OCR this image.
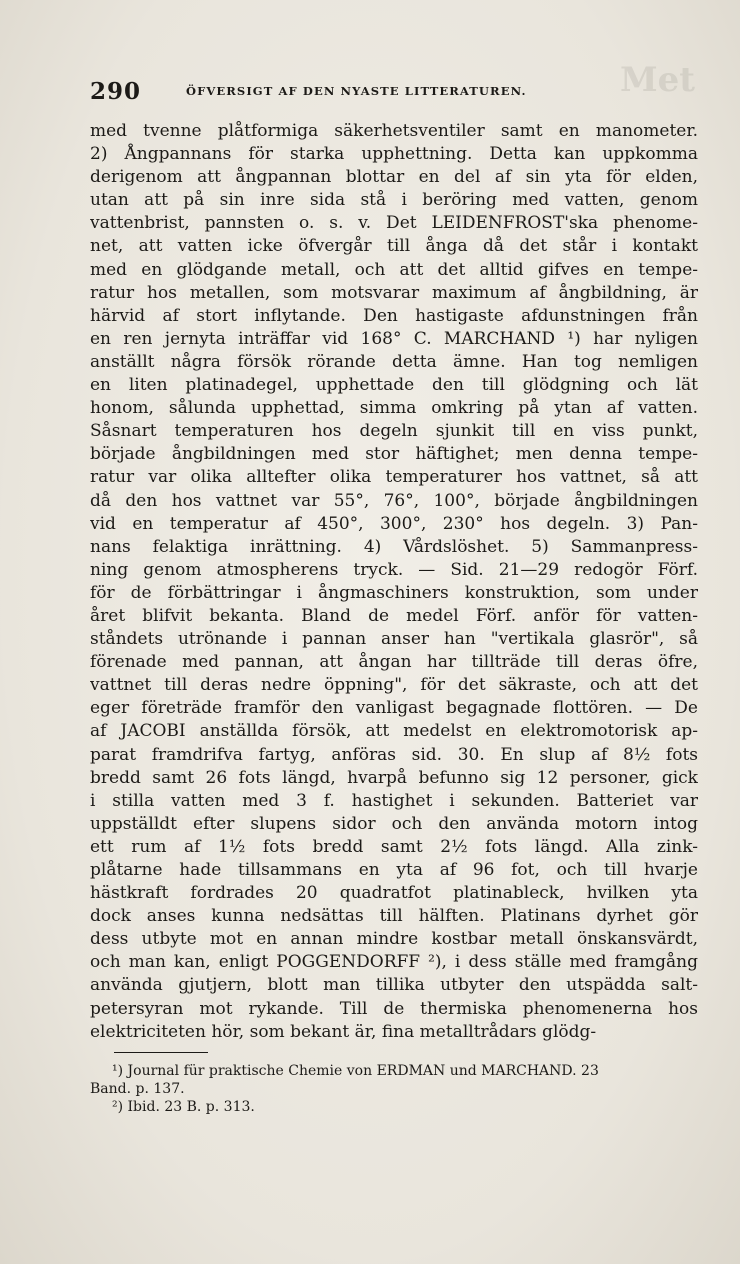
Met
290	ÖFVERSIGT AF DEN NYASTE LITTERATUREN.
med tvenne plåtformiga säkerhetsventiler samt en manometer.
2) Ångpannans för starka upphettning. Detta kan uppkomma
derigenom att ångpannan blottar en del af sin yta för elden,
utan att på sin inre sida stå i beröring med vatten, genom
vattenbrist, pannsten o. s. v. Det LEIDENFROST'ska phenome-
net, att vatten icke öfvergår till ånga då det står i kontakt
med en glödgande metall, och att det alltid gifves en tempe-
ratur hos metallen, som motsvarar maximum af ångbildning, är
härvid af stort inflytande. Den hastigaste afdunstningen från
en ren jernyta inträffar vid 168° C. MARCHAND ¹) har nyligen
anställt några försök rörande detta ämne. Han tog nemligen
en liten platinadegel, upphettade den till glödgning och lät
honom, sålunda upphettad, simma omkring på ytan af vatten.
Såsnart temperaturen hos degeln sjunkit till en viss punkt,
började ångbildningen med stor häftighet; men denna tempe-
ratur var olika alltefter olika temperaturer hos vattnet, så att
då den hos vattnet var 55°, 76°, 100°, började ångbildningen
vid en temperatur af 450°, 300°, 230° hos degeln. 3) Pan-
nans felaktiga inrättning. 4) Vårdslöshet. 5) Sammanpress-
ning genom atmospherens tryck. — Sid. 21—29 redogör Förf.
för de förbättringar i ångmaschiners konstruktion, som under
året blifvit bekanta. Bland de medel Förf. anför för vatten-
ståndets utrönande i pannan anser han "vertikala glasrör", så
förenade med pannan, att ångan har tillträde till deras öfre,
vattnet till deras nedre öppning", för det säkraste, och att det
eger företräde framför den vanligast begagnade flottören. — De
af JACOBI anställda försök, att medelst en elektromotorisk ap-
parat framdrifva fartyg, anföras sid. 30. En slup af 8½ fots
bredd samt 26 fots längd, hvarpå befunno sig 12 personer, gick
i stilla vatten med 3 f. hastighet i sekunden. Batteriet var
uppställdt efter slupens sidor och den använda motorn intog
ett rum af 1½ fots bredd samt 2½ fots längd. Alla zink-
plåtarne hade tillsammans en yta af 96 fot, och till hvarje
hästkraft fordrades 20 quadratfot platinableck, hvilken yta
dock anses kunna nedsättas till hälften. Platinans dyrhet gör
dess utbyte mot en annan mindre kostbar metall önskansvärdt,
och man kan, enligt POGGENDORFF ²), i dess ställe med framgång
använda gjutjern, blott man tillika utbyter den utspädda salt-
petersyran mot rykande. Till de thermiska phenomenerna hos
elektriciteten hör, som bekant är, fina metalltrådars glödg-
¹) Journal für praktische Chemie von ERDMAN und MARCHAND. 23
Band. p. 137.
²) Ibid. 23 B. p. 313.
